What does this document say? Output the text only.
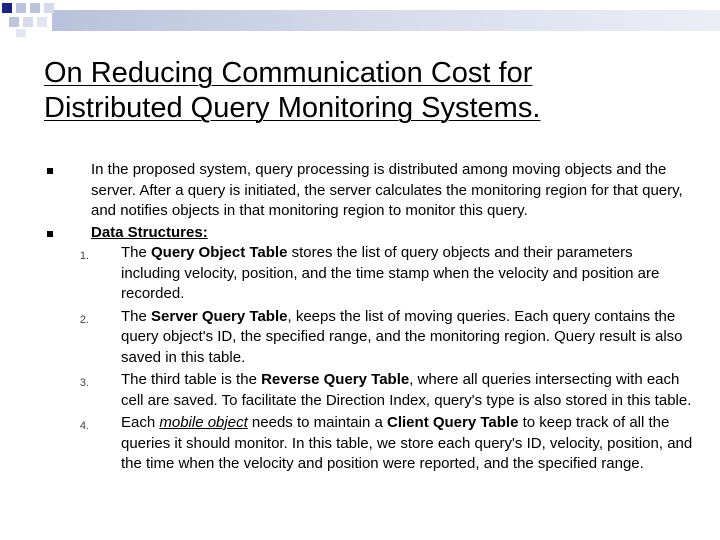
On Reducing Communication Cost for
Distributed Query Monitoring Systems.

In the proposed system, query processing is distributed among moving objects and the server. After a query is initiated, the server calculates the monitoring region for that query, and notifies objects in that monitoring region to monitor this query.

Data Structures:

1. The Query Object Table stores the list of query objects and their parameters including velocity, position, and the time stamp when the velocity and position are recorded.

2. The Server Query Table, keeps the list of moving queries. Each query contains the query object's ID, the specified range, and the monitoring region. Query result is also saved in this table.

3. The third table is the Reverse Query Table, where all queries intersecting with each cell are saved. To facilitate the Direction Index, query's type is also stored in this table.

4. Each mobile object needs to maintain a Client Query Table to keep track of all the queries it should monitor. In this table, we store each query's ID, velocity, position, and the time when the velocity and position were reported, and the specified range.
